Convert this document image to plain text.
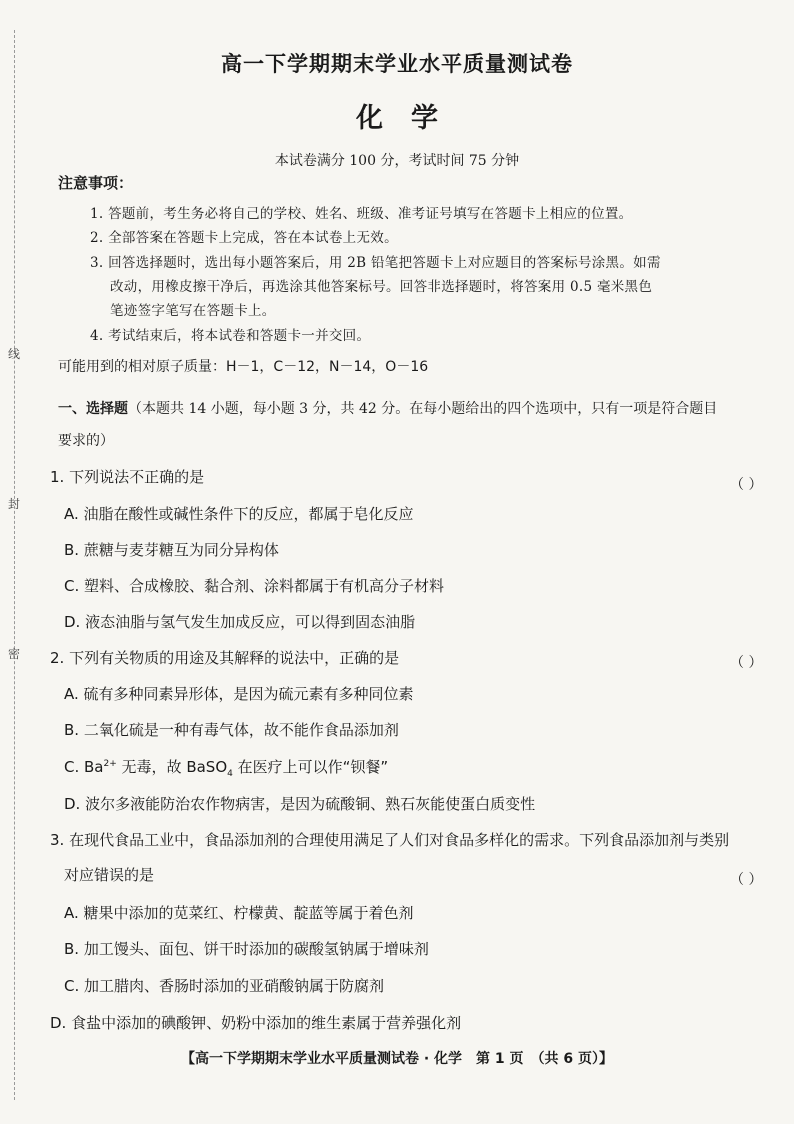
线
封
密
高一下学期期末学业水平质量测试卷
化学
本试卷满分 100 分，考试时间 75 分钟
注意事项：
1. 答题前，考生务必将自己的学校、姓名、班级、准考证号填写在答题卡上相应的位置。
2. 全部答案在答题卡上完成，答在本试卷上无效。
3. 回答选择题时，选出每小题答案后，用 2B 铅笔把答题卡上对应题目的答案标号涂黑。如需
改动，用橡皮擦干净后，再选涂其他答案标号。回答非选择题时，将答案用 0.5 毫米黑色
笔迹签字笔写在答题卡上。
4. 考试结束后，将本试卷和答题卡一并交回。
可能用到的相对原子质量：H－1，C－12，N－14，O－16
一、选择题（本题共 14 小题，每小题 3 分，共 42 分。在每小题给出的四个选项中，只有一项是符合题目
要求的）
1. 下列说法不正确的是	（ ）
A. 油脂在酸性或碱性条件下的反应，都属于皂化反应
B. 蔗糖与麦芽糖互为同分异构体
C. 塑料、合成橡胶、黏合剂、涂料都属于有机高分子材料
D. 液态油脂与氢气发生加成反应，可以得到固态油脂
2. 下列有关物质的用途及其解释的说法中，正确的是	（ ）
A. 硫有多种同素异形体，是因为硫元素有多种同位素
B. 二氧化硫是一种有毒气体，故不能作食品添加剂
C. $Ba^{2+}$ 无毒，故 BaSO$_4$ 在医疗上可以作“钡餐”
D. 波尔多液能防治农作物病害，是因为硫酸铜、熟石灰能使蛋白质变性
3. 在现代食品工业中，食品添加剂的合理使用满足了人们对食品多样化的需求。下列食品添加剂与类别
对应错误的是	（ ）
A. 糖果中添加的苋菜红、柠檬黄、靛蓝等属于着色剂
B. 加工馒头、面包、饼干时添加的碳酸氢钠属于增味剂
C. 加工腊肉、香肠时添加的亚硝酸钠属于防腐剂
D. 食盐中添加的碘酸钾、奶粉中添加的维生素属于营养强化剂
【高一下学期期末学业水平质量测试卷 · 化学　第 1 页　（共 6 页）】
